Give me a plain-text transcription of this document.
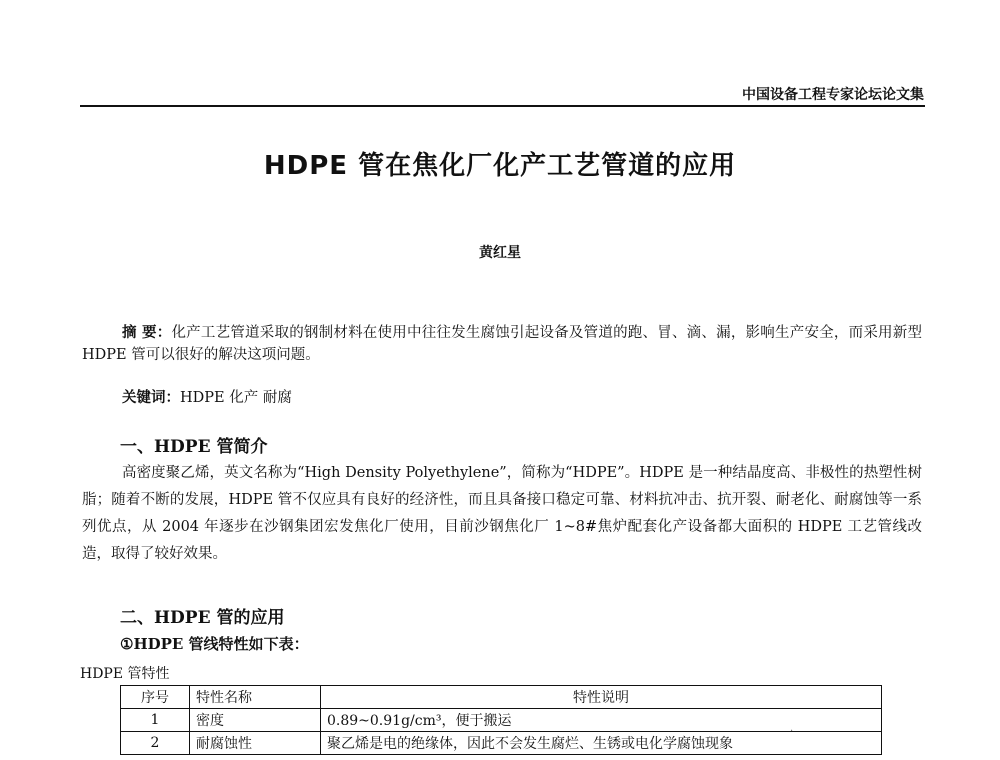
中国设备工程专家论坛论文集
HDPE 管在焦化厂化产工艺管道的应用
黄红星
摘 要：化产工艺管道采取的钢制材料在使用中往往发生腐蚀引起设备及管道的跑、冒、滴、漏，影响生产安全，而采用新型 HDPE 管可以很好的解决这项问题。
关键词：HDPE 化产 耐腐
一、HDPE 管简介
高密度聚乙烯，英文名称为“High Density Polyethylene”，简称为“HDPE”。HDPE 是一种结晶度高、非极性的热塑性树脂；随着不断的发展，HDPE 管不仅应具有良好的经济性，而且具备接口稳定可靠、材料抗冲击、抗开裂、耐老化、耐腐蚀等一系列优点，从 2004 年逐步在沙钢集团宏发焦化厂使用，目前沙钢焦化厂 1~8#焦炉配套化产设备都大面积的 HDPE 工艺管线改造，取得了较好效果。
二、HDPE 管的应用
①HDPE 管线特性如下表：
HDPE 管特性
序号	特性名称	特性说明
1	密度	0.89~0.91g/cm³，便于搬运
2	耐腐蚀性	聚乙烯是电的绝缘体，因此不会发生腐烂、生锈或电化学腐蚀现象
·
